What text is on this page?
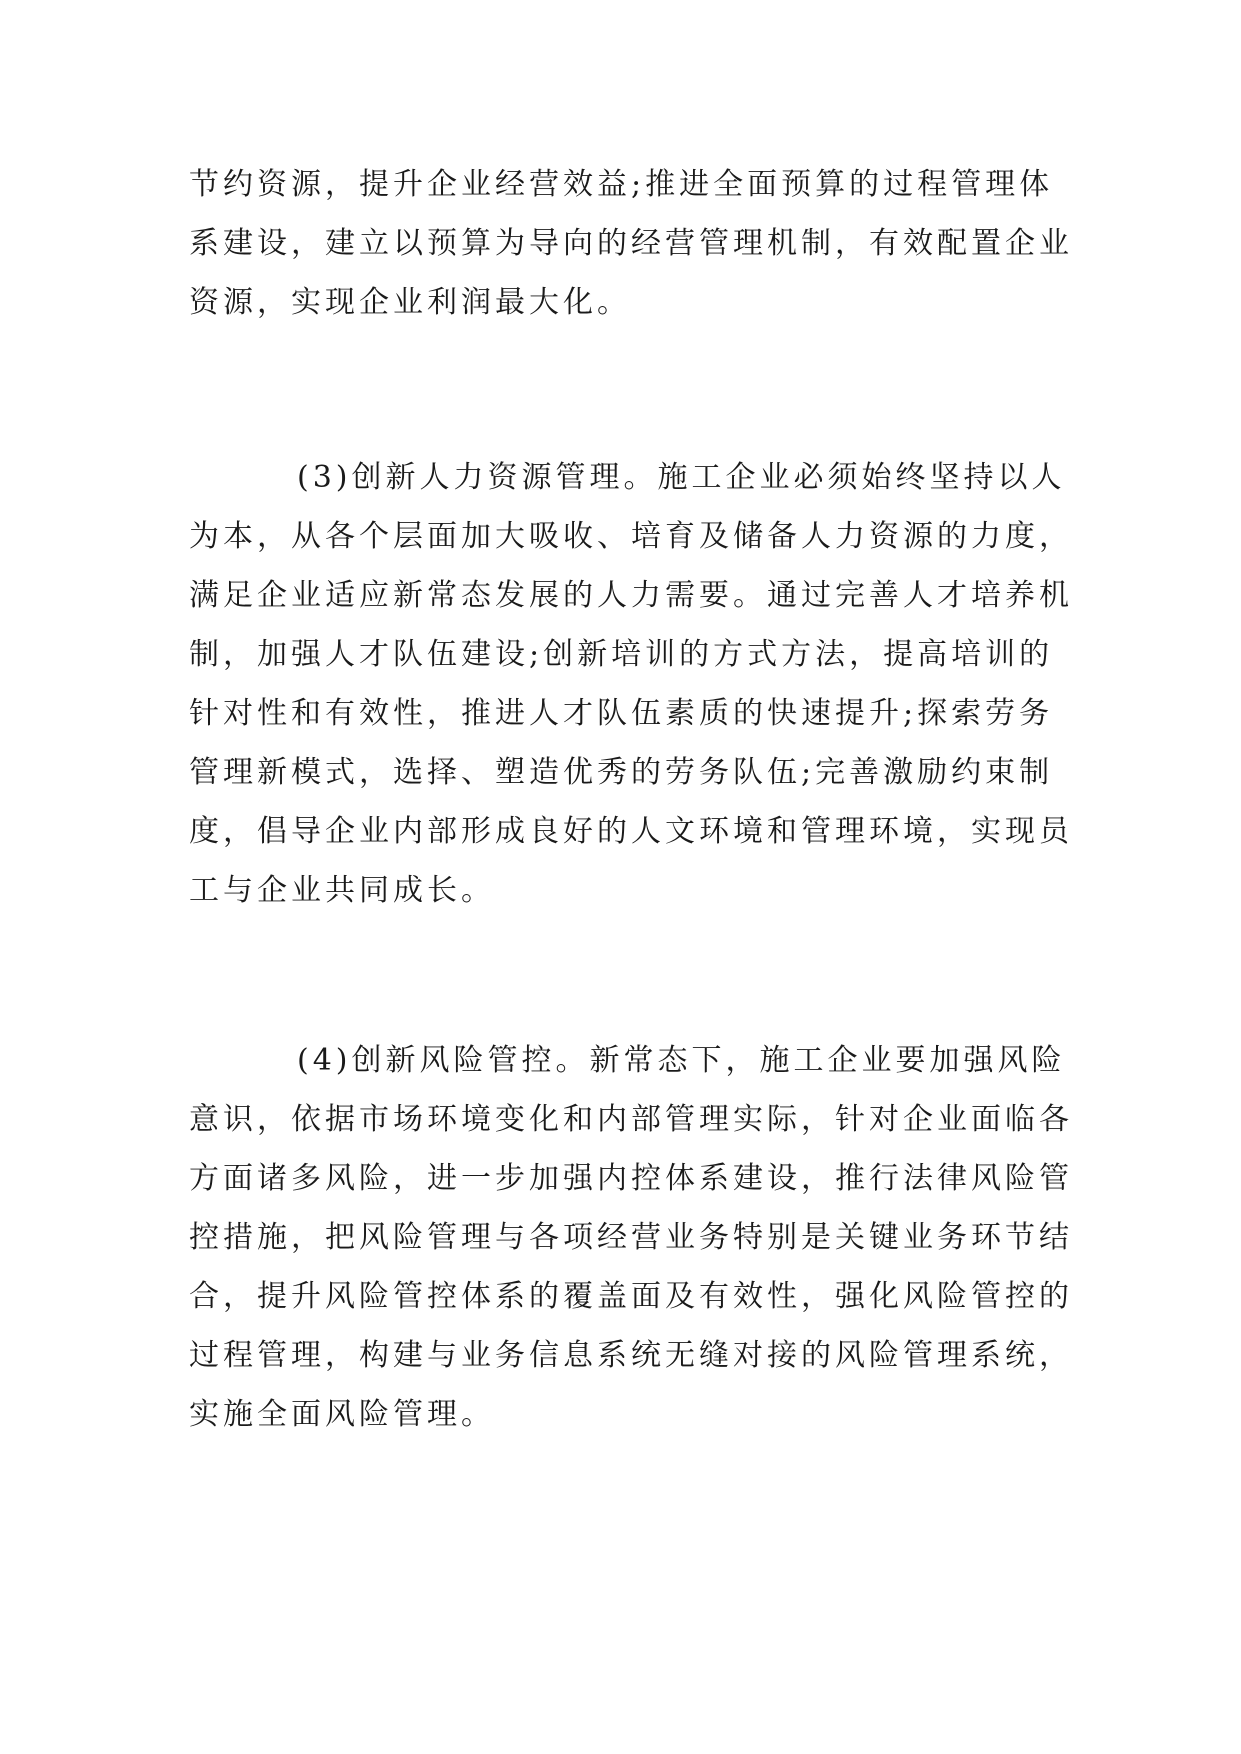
节约资源，提升企业经营效益;推进全面预算的过程管理体
系建设，建立以预算为导向的经营管理机制，有效配置企业
资源，实现企业利润最大化。
(3)创新人力资源管理。施工企业必须始终坚持以人
为本，从各个层面加大吸收、培育及储备人力资源的力度，
满足企业适应新常态发展的人力需要。通过完善人才培养机
制，加强人才队伍建设;创新培训的方式方法，提高培训的
针对性和有效性，推进人才队伍素质的快速提升;探索劳务
管理新模式，选择、塑造优秀的劳务队伍;完善激励约束制
度，倡导企业内部形成良好的人文环境和管理环境，实现员
工与企业共同成长。
(4)创新风险管控。新常态下，施工企业要加强风险
意识，依据市场环境变化和内部管理实际，针对企业面临各
方面诸多风险，进一步加强内控体系建设，推行法律风险管
控措施，把风险管理与各项经营业务特别是关键业务环节结
合，提升风险管控体系的覆盖面及有效性，强化风险管控的
过程管理，构建与业务信息系统无缝对接的风险管理系统，
实施全面风险管理。
